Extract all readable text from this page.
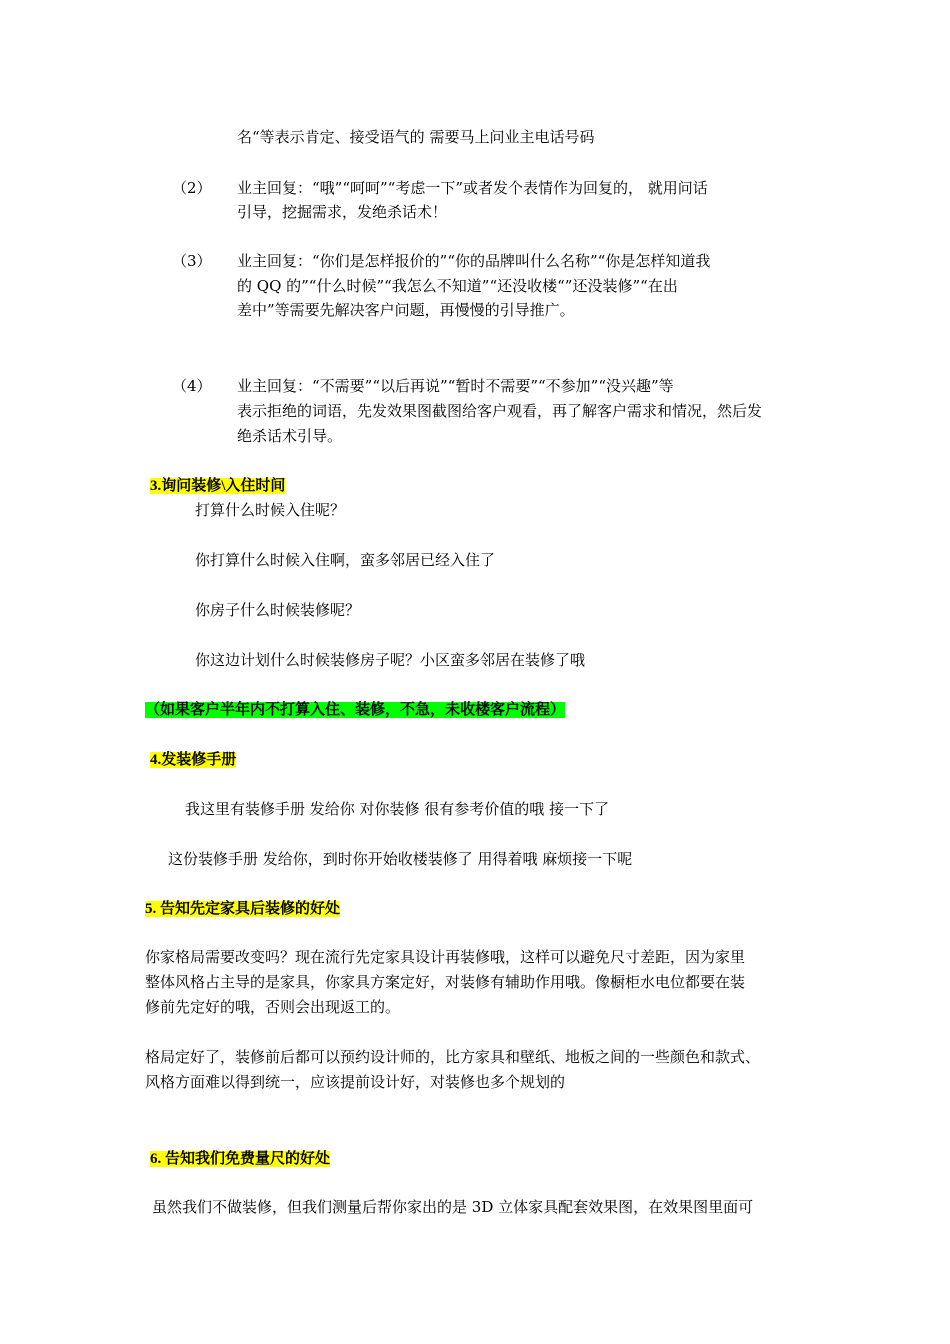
名“等表示肯定、接受语气的 需要马上问业主电话号码
（2） 业主回复：“哦”“呵呵”“考虑一下”或者发个表情作为回复的， 就用问话
引导，挖掘需求，发绝杀话术！
（3） 业主回复：“你们是怎样报价的”“你的品牌叫什么名称”“你是怎样知道我
的 QQ 的”“什么时候”“我怎么不知道”“还没收楼“”还没装修”“在出
差中”等需要先解决客户问题，再慢慢的引导推广。
（4） 业主回复：“不需要”“以后再说”“暂时不需要”“不参加”“没兴趣”等
表示拒绝的词语，先发效果图截图给客户观看，再了解客户需求和情况，然后发
绝杀话术引导。
3.询问装修\入住时间
打算什么时候入住呢？
你打算什么时候入住啊，蛮多邻居已经入住了
你房子什么时候装修呢？
你这边计划什么时候装修房子呢？小区蛮多邻居在装修了哦
（如果客户半年内不打算入住、装修，不急，未收楼客户流程）
4.发装修手册
我这里有装修手册 发给你 对你装修 很有参考价值的哦 接一下了
这份装修手册 发给你，到时你开始收楼装修了 用得着哦 麻烦接一下呢
5. 告知先定家具后装修的好处
你家格局需要改变吗？现在流行先定家具设计再装修哦，这样可以避免尺寸差距，因为家里
整体风格占主导的是家具，你家具方案定好，对装修有辅助作用哦。像橱柜水电位都要在装
修前先定好的哦，否则会出现返工的。
格局定好了，装修前后都可以预约设计师的，比方家具和壁纸、地板之间的一些颜色和款式、
风格方面难以得到统一，应该提前设计好，对装修也多个规划的
6. 告知我们免费量尺的好处
虽然我们不做装修，但我们测量后帮你家出的是 3D 立体家具配套效果图，在效果图里面可
